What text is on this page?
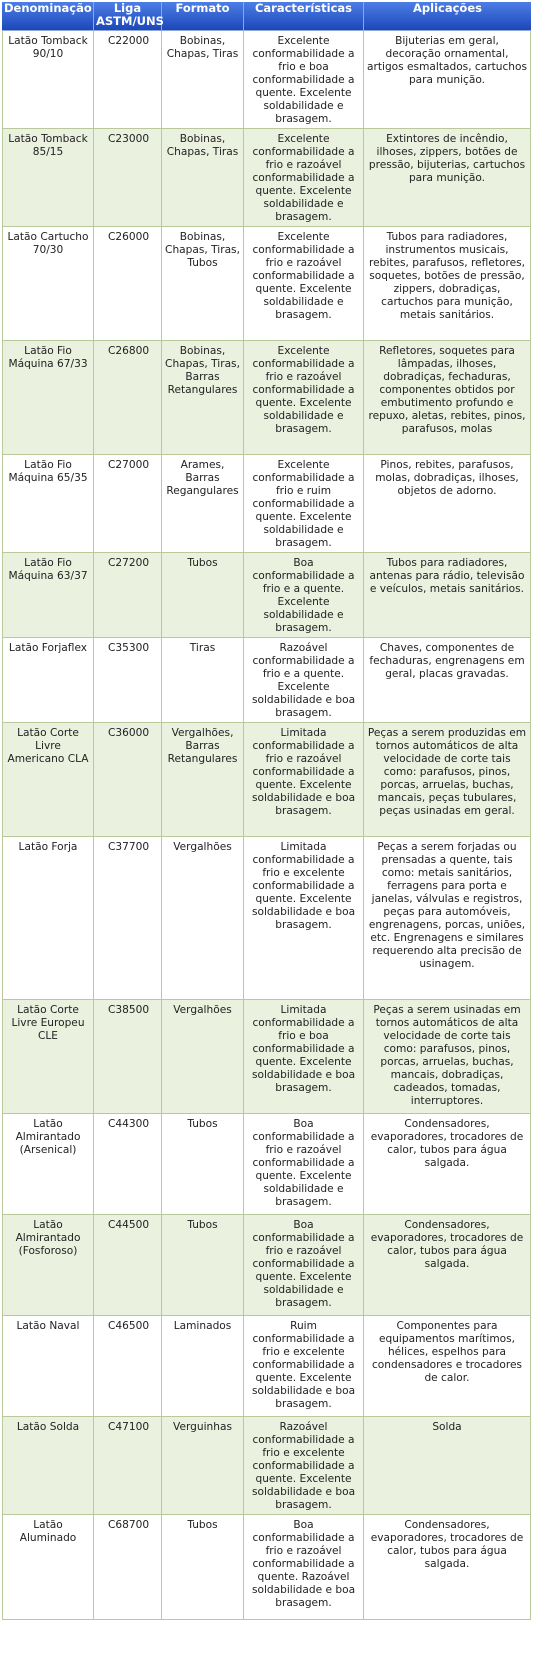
Denominação	Liga ASTM/UNS	Formato	Características	Aplicações
Latão Tomback 90/10	C22000	Bobinas, Chapas, Tiras	Excelente conformabilidade a frio e boa conformabilidade a quente. Excelente soldabilidade e brasagem.	Bijuterias em geral, decoração ornamental, artigos esmaltados, cartuchos para munição.
Latão Tomback 85/15	C23000	Bobinas, Chapas, Tiras	Excelente conformabilidade a frio e razoável conformabilidade a quente. Excelente soldabilidade e brasagem.	Extintores de incêndio, ilhoses, zippers, botões de pressão, bijuterias, cartuchos para munição.
Latão Cartucho 70/30	C26000	Bobinas, Chapas, Tiras, Tubos	Excelente conformabilidade a frio e razoável conformabilidade a quente. Excelente soldabilidade e brasagem.	Tubos para radiadores, instrumentos musicais, rebites, parafusos, refletores, soquetes, botões de pressão, zippers, dobradiças, cartuchos para munição, metais sanitários.
Latão Fio Máquina 67/33	C26800	Bobinas, Chapas, Tiras, Barras Retangulares	Excelente conformabilidade a frio e razoável conformabilidade a quente. Excelente soldabilidade e brasagem.	Refletores, soquetes para lâmpadas, ilhoses, dobradiças, fechaduras, componentes obtidos por embutimento profundo e repuxo, aletas, rebites, pinos, parafusos, molas
Latão Fio Máquina 65/35	C27000	Arames, Barras Regangulares	Excelente conformabilidade a frio e ruim conformabilidade a quente. Excelente soldabilidade e brasagem.	Pinos, rebites, parafusos, molas, dobradiças, ilhoses, objetos de adorno.
Latão Fio Máquina 63/37	C27200	Tubos	Boa conformabilidade a frio e a quente. Excelente soldabilidade e brasagem.	Tubos para radiadores, antenas para rádio, televisão e veículos, metais sanitários.
Latão Forjaflex	C35300	Tiras	Razoável conformabilidade a frio e a quente. Excelente soldabilidade e boa brasagem.	Chaves, componentes de fechaduras, engrenagens em geral, placas gravadas.
Latão Corte Livre Americano CLA	C36000	Vergalhões, Barras Retangulares	Limitada conformabilidade a frio e razoável conformabilidade a quente. Excelente soldabilidade e boa brasagem.	Peças a serem produzidas em tornos automáticos de alta velocidade de corte tais como: parafusos, pinos, porcas, arruelas, buchas, mancais, peças tubulares, peças usinadas em geral.
Latão Forja	C37700	Vergalhões	Limitada conformabilidade a frio e excelente conformabilidade a quente. Excelente soldabilidade e boa brasagem.	Peças a serem forjadas ou prensadas a quente, tais como: metais sanitários, ferragens para porta e janelas, válvulas e registros, peças para automóveis, engrenagens, porcas, uniões, etc. Engrenagens e similares requerendo alta precisão de usinagem.
Latão Corte Livre Europeu CLE	C38500	Vergalhões	Limitada conformabilidade a frio e boa conformabilidade a quente. Excelente soldabilidade e boa brasagem.	Peças a serem usinadas em tornos automáticos de alta velocidade de corte tais como: parafusos, pinos, porcas, arruelas, buchas, mancais, dobradiças, cadeados, tomadas, interruptores.
Latão Almirantado (Arsenical)	C44300	Tubos	Boa conformabilidade a frio e razoável conformabilidade a quente. Excelente soldabilidade e brasagem.	Condensadores, evaporadores, trocadores de calor, tubos para água salgada.
Latão Almirantado (Fosforoso)	C44500	Tubos	Boa conformabilidade a frio e razoável conformabilidade a quente. Excelente soldabilidade e brasagem.	Condensadores, evaporadores, trocadores de calor, tubos para água salgada.
Latão Naval	C46500	Laminados	Ruim conformabilidade a frio e excelente conformabilidade a quente. Excelente soldabilidade e boa brasagem.	Componentes para equipamentos marítimos, hélices, espelhos para condensadores e trocadores de calor.
Latão Solda	C47100	Verguinhas	Razoável conformabilidade a frio e excelente conformabilidade a quente. Excelente soldabilidade e boa brasagem.	Solda
Latão Aluminado	C68700	Tubos	Boa conformabilidade a frio e razoável conformabilidade a quente. Razoável soldabilidade e boa brasagem.	Condensadores, evaporadores, trocadores de calor, tubos para água salgada.
